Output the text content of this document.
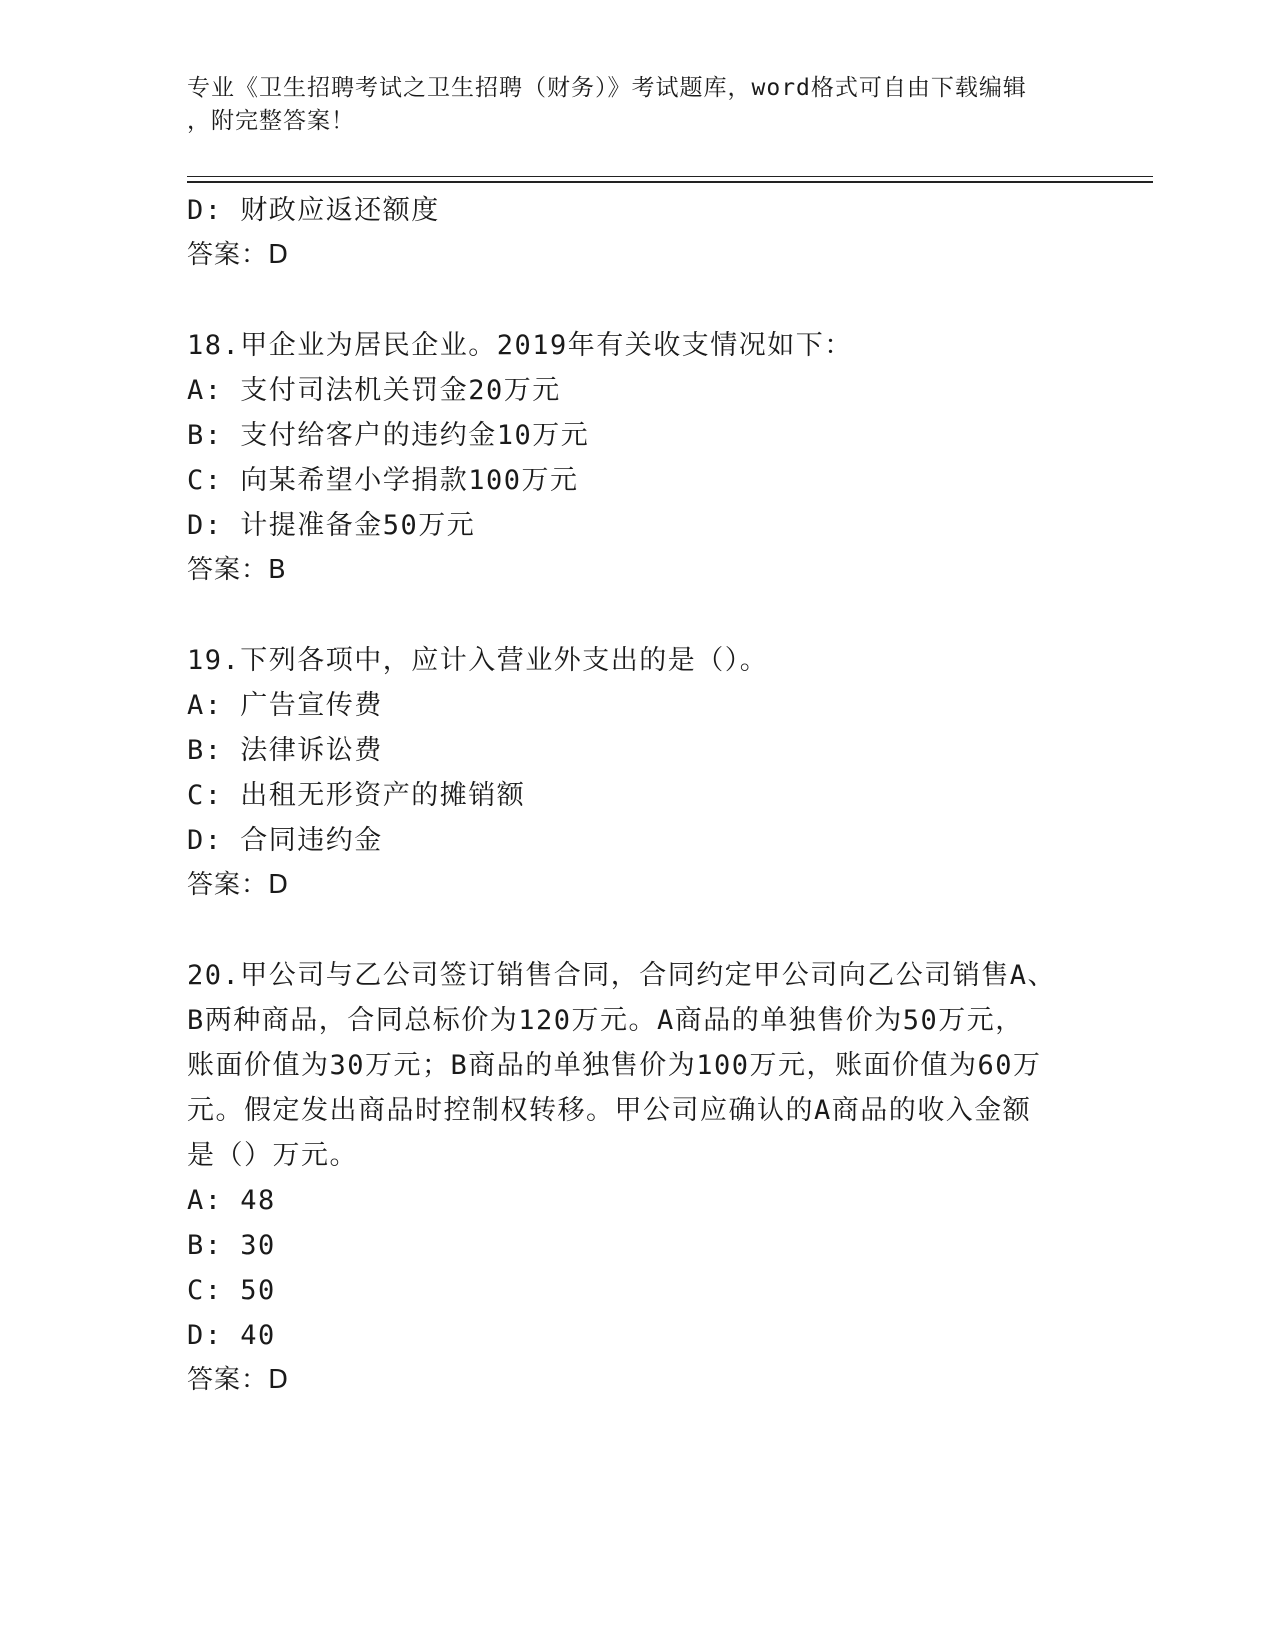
专业《卫生招聘考试之卫生招聘（财务）》考试题库，word格式可自由下载编辑
，附完整答案！
D: 财政应返还额度
答案：D
18.甲企业为居民企业。2019年有关收支情况如下：
A: 支付司法机关罚金20万元
B: 支付给客户的违约金10万元
C: 向某希望小学捐款100万元
D: 计提准备金50万元
答案：B
19.下列各项中，应计入营业外支出的是（）。
A: 广告宣传费
B: 法律诉讼费
C: 出租无形资产的摊销额
D: 合同违约金
答案：D
20.甲公司与乙公司签订销售合同，合同约定甲公司向乙公司销售A、
B两种商品，合同总标价为120万元。A商品的单独售价为50万元，
账面价值为30万元；B商品的单独售价为100万元，账面价值为60万
元。假定发出商品时控制权转移。甲公司应确认的A商品的收入金额
是（）万元。
A: 48
B: 30
C: 50
D: 40
答案：D
